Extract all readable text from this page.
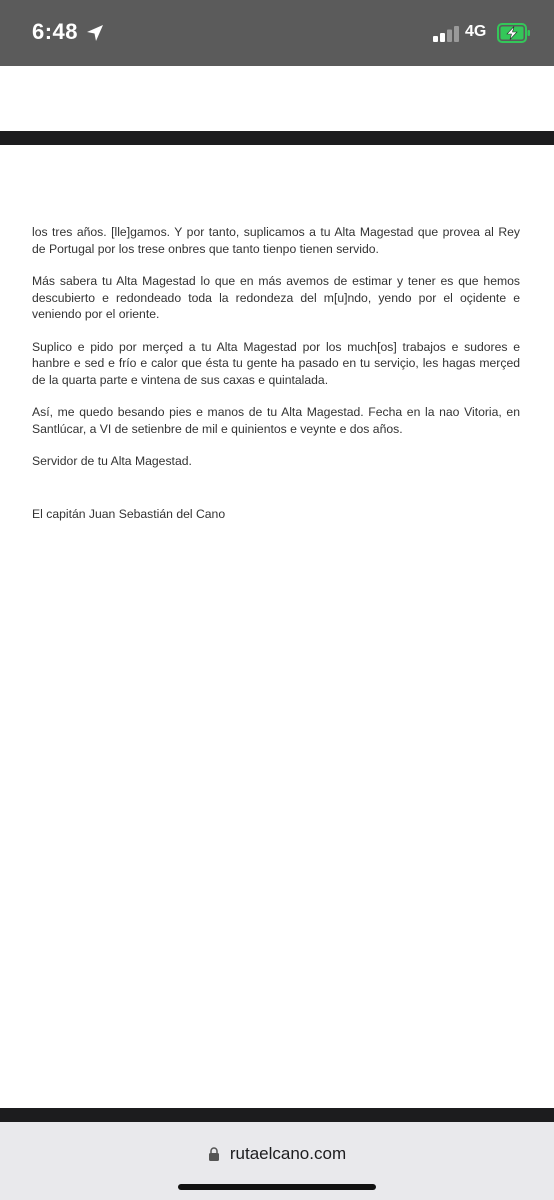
6:48	4G

los tres años. [lle]gamos. Y por tanto, suplicamos a tu Alta Magestad que provea al Rey de Portugal por los trese onbres que tanto tienpo tienen servido.

Más sabera tu Alta Magestad lo que en más avemos de estimar y tener es que hemos descubierto e redondeado toda la redondeza del m[u]ndo, yendo por el oçidente e veniendo por el oriente.

Suplico e pido por merçed a tu Alta Magestad por los much[os] trabajos e sudores e hanbre e sed e frío e calor que ésta tu gente ha pasado en tu serviçio, les hagas merçed de la quarta parte e vintena de sus caxas e quintalada.

Así, me quedo besando pies e manos de tu Alta Magestad. Fecha en la nao Vitoria, en Santlúcar, a VI de setienbre de mil e quinientos e veynte e dos años.

Servidor de tu Alta Magestad.

El capitán Juan Sebastián del Cano

rutaelcano.com
